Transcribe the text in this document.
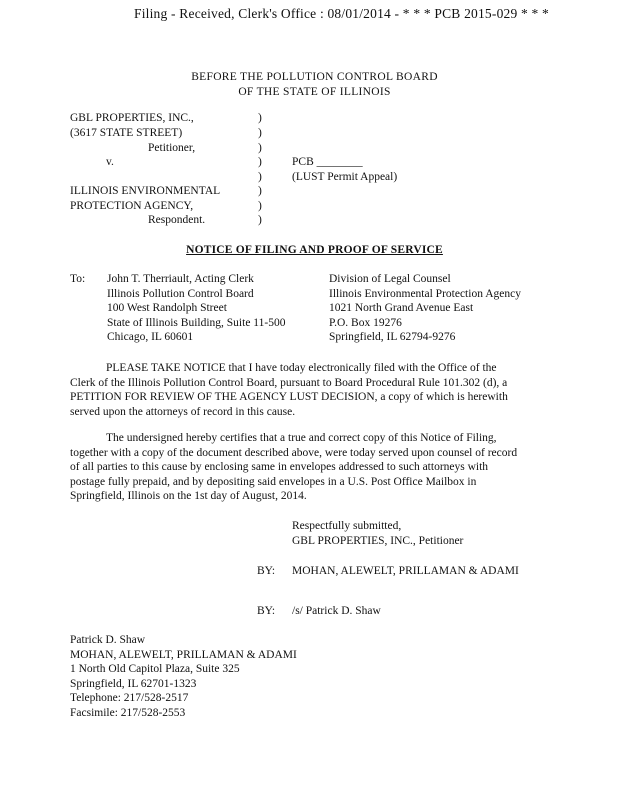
Filing - Received, Clerk's Office : 08/01/2014 - * * * PCB 2015-029 * * *
BEFORE THE POLLUTION CONTROL BOARD
OF THE STATE OF ILLINOIS
GBL PROPERTIES, INC.,
(3617 STATE STREET)
Petitioner,
v.
ILLINOIS ENVIRONMENTAL
PROTECTION AGENCY,
Respondent.
)
)
)
)
)
)
)
)
PCB ________
(LUST Permit Appeal)
NOTICE OF FILING AND PROOF OF SERVICE
To: John T. Therriault, Acting Clerk
Illinois Pollution Control Board
100 West Randolph Street
State of Illinois Building, Suite 11-500
Chicago, IL 60601
Division of Legal Counsel
Illinois Environmental Protection Agency
1021 North Grand Avenue East
P.O. Box 19276
Springfield, IL 62794-9276
PLEASE TAKE NOTICE that I have today electronically filed with the Office of the
Clerk of the Illinois Pollution Control Board, pursuant to Board Procedural Rule 101.302 (d), a
PETITION FOR REVIEW OF THE AGENCY LUST DECISION, a copy of which is herewith
served upon the attorneys of record in this cause.
The undersigned hereby certifies that a true and correct copy of this Notice of Filing,
together with a copy of the document described above, were today served upon counsel of record
of all parties to this cause by enclosing same in envelopes addressed to such attorneys with
postage fully prepaid, and by depositing said envelopes in a U.S. Post Office Mailbox in
Springfield, Illinois on the 1st day of August, 2014.
Respectfully submitted,
GBL PROPERTIES, INC., Petitioner
BY: MOHAN, ALEWELT, PRILLAMAN & ADAMI
BY: /s/ Patrick D. Shaw
Patrick D. Shaw
MOHAN, ALEWELT, PRILLAMAN & ADAMI
1 North Old Capitol Plaza, Suite 325
Springfield, IL 62701-1323
Telephone: 217/528-2517
Facsimile: 217/528-2553
